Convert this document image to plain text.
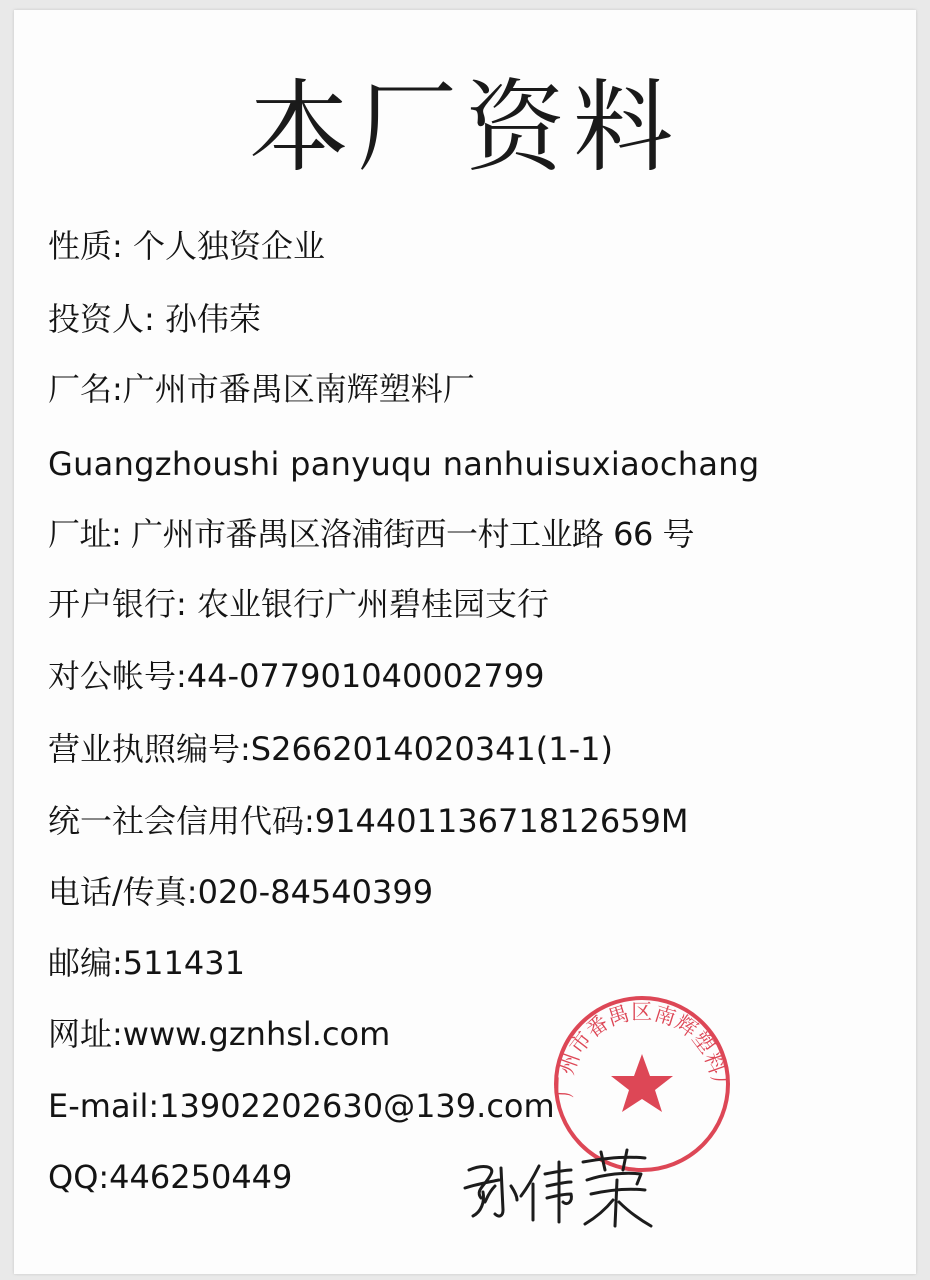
本厂资料
性质: 个人独资企业
投资人: 孙伟荣
厂名:广州市番禺区南辉塑料厂
Guangzhoushi panyuqu nanhuisuxiaochang
厂址: 广州市番禺区洛浦街西一村工业路 66 号
开户银行: 农业银行广州碧桂园支行
对公帐号:44-077901040002799
营业执照编号:S2662014020341(1-1)
统一社会信用代码:91440113671812659M
电话/传真:020-84540399
邮编:511431
网址:www.gznhsl.com
E-mail:13902202630@139.com
QQ:446250449
广州市番禺区南辉塑料厂
